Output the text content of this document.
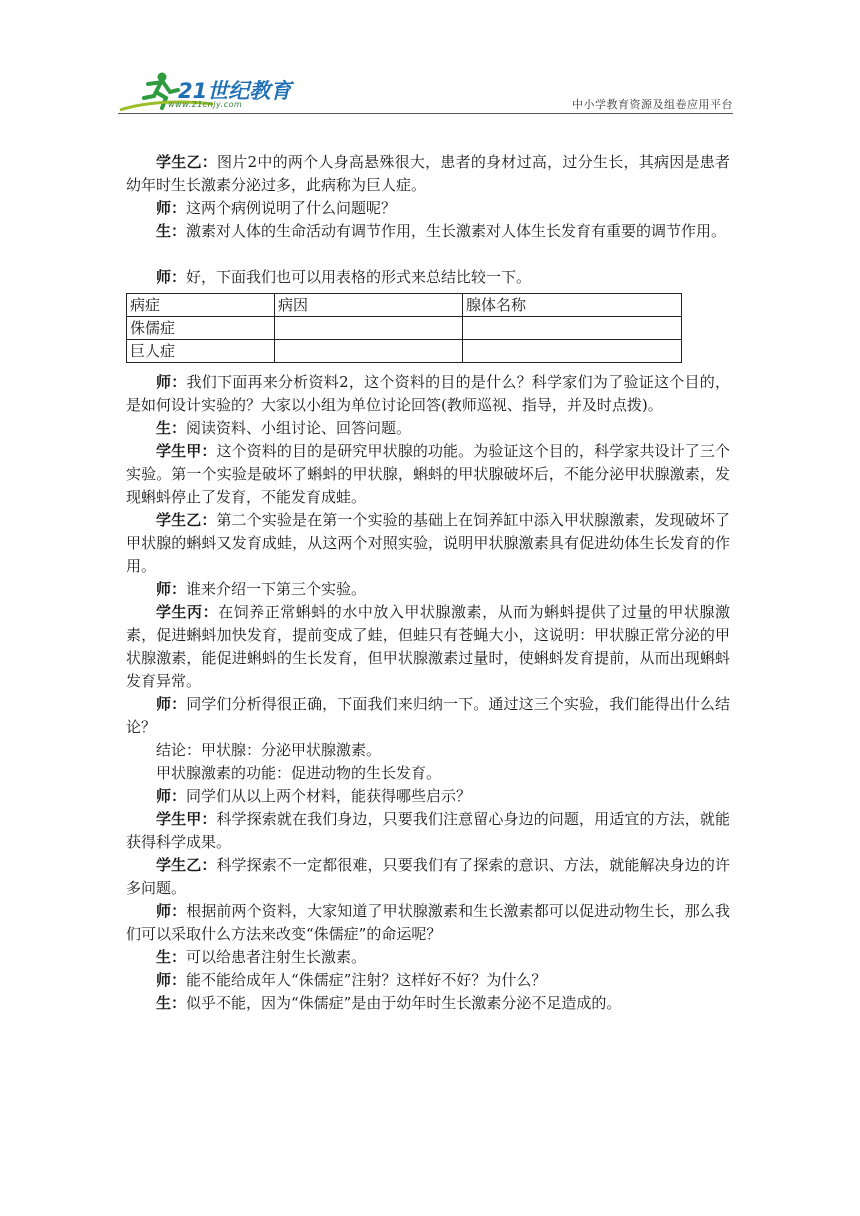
21世纪教育
www.21cnjy.com	中小学教育资源及组卷应用平台

学生乙：图片2中的两个人身高悬殊很大，患者的身材过高，过分生长，其病因是患者幼年时生长激素分泌过多，此病称为巨人症。

师：这两个病例说明了什么问题呢？

生：激素对人体的生命活动有调节作用，生长激素对人体生长发育有重要的调节作用。

师：好，下面我们也可以用表格的形式来总结比较一下。

病症	病因	腺体名称
侏儒症		
巨人症		

师：我们下面再来分析资料2，这个资料的目的是什么？科学家们为了验证这个目的，是如何设计实验的？大家以小组为单位讨论回答(教师巡视、指导，并及时点拨)。

生：阅读资料、小组讨论、回答问题。

学生甲：这个资料的目的是研究甲状腺的功能。为验证这个目的，科学家共设计了三个实验。第一个实验是破坏了蝌蚪的甲状腺，蝌蚪的甲状腺破坏后，不能分泌甲状腺激素，发现蝌蚪停止了发育，不能发育成蛙。

学生乙：第二个实验是在第一个实验的基础上在饲养缸中添入甲状腺激素，发现破坏了甲状腺的蝌蚪又发育成蛙，从这两个对照实验，说明甲状腺激素具有促进幼体生长发育的作用。

师：谁来介绍一下第三个实验。

学生丙：在饲养正常蝌蚪的水中放入甲状腺激素，从而为蝌蚪提供了过量的甲状腺激素，促进蝌蚪加快发育，提前变成了蛙，但蛙只有苍蝇大小，这说明：甲状腺正常分泌的甲状腺激素，能促进蝌蚪的生长发育，但甲状腺激素过量时，使蝌蚪发育提前，从而出现蝌蚪发育异常。

师：同学们分析得很正确，下面我们来归纳一下。通过这三个实验，我们能得出什么结论？

结论：甲状腺：分泌甲状腺激素。

甲状腺激素的功能：促进动物的生长发育。

师：同学们从以上两个材料，能获得哪些启示？

学生甲：科学探索就在我们身边，只要我们注意留心身边的问题，用适宜的方法，就能获得科学成果。

学生乙：科学探索不一定都很难，只要我们有了探索的意识、方法，就能解决身边的许多问题。

师：根据前两个资料，大家知道了甲状腺激素和生长激素都可以促进动物生长，那么我们可以采取什么方法来改变“侏儒症”的命运呢？

生：可以给患者注射生长激素。

师：能不能给成年人“侏儒症”注射？这样好不好？为什么？

生：似乎不能，因为“侏儒症”是由于幼年时生长激素分泌不足造成的。
